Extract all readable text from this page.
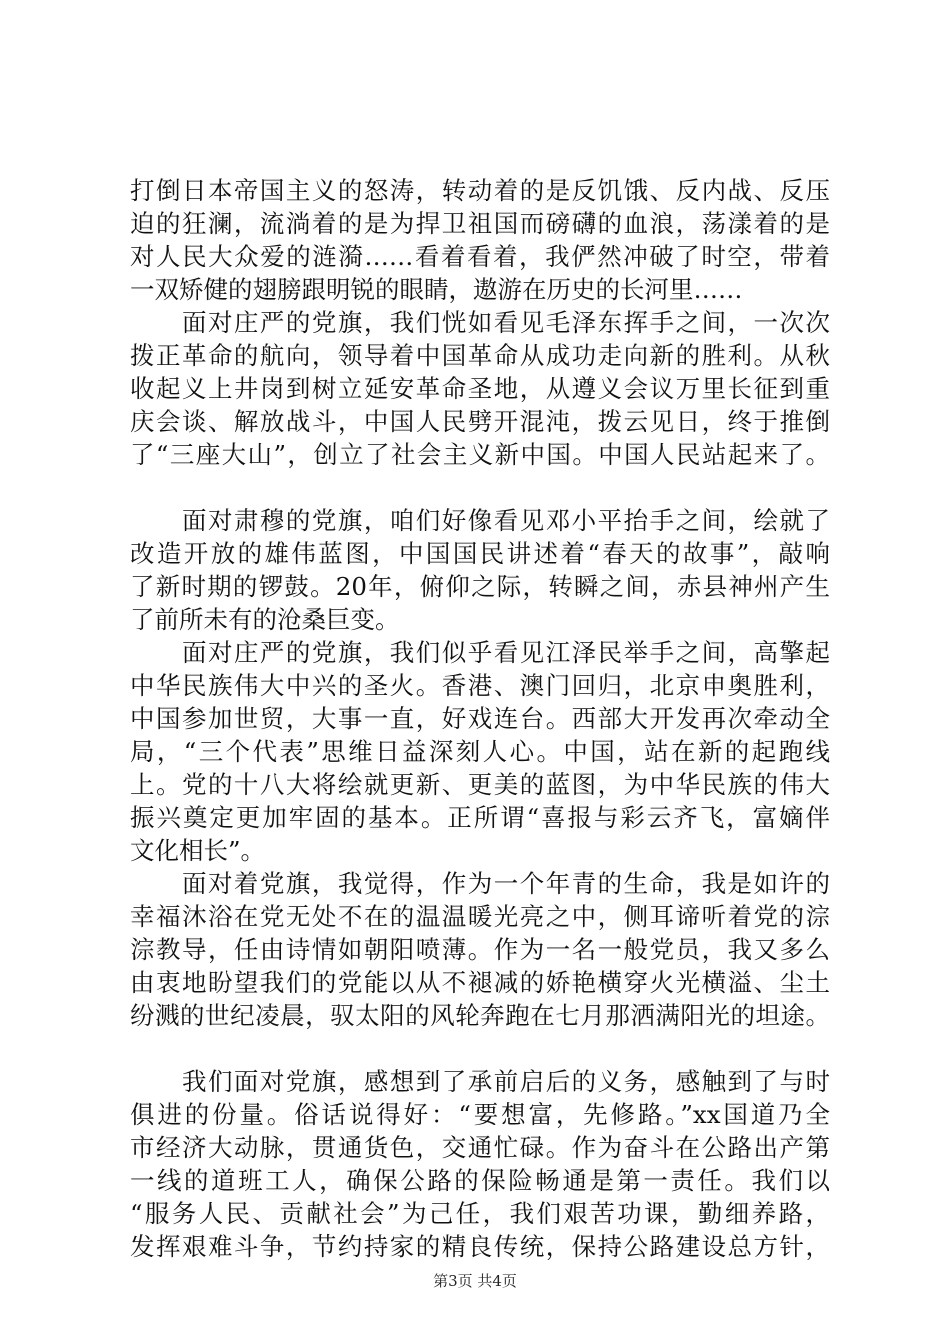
打倒日本帝国主义的怒涛，转动着的是反饥饿、反内战、反压
迫的狂澜，流淌着的是为捍卫祖国而磅礴的血浪，荡漾着的是
对人民大众爱的涟漪……看着看着，我俨然冲破了时空，带着
一双矫健的翅膀跟明锐的眼睛，遨游在历史的长河里……
　　面对庄严的党旗，我们恍如看见毛泽东挥手之间，一次次
拨正革命的航向，领导着中国革命从成功走向新的胜利。从秋
收起义上井岗到树立延安革命圣地，从遵义会议万里长征到重
庆会谈、解放战斗，中国人民劈开混沌，拨云见日，终于推倒
了“三座大山”，创立了社会主义新中国。中国人民站起来了。
　　面对肃穆的党旗，咱们好像看见邓小平抬手之间，绘就了
改造开放的雄伟蓝图，中国国民讲述着“春天的故事”，敲响
了新时期的锣鼓。20年，俯仰之际，转瞬之间，赤县神州产生
了前所未有的沧桑巨变。
　　面对庄严的党旗，我们似乎看见江泽民举手之间，高擎起
中华民族伟大中兴的圣火。香港、澳门回归，北京申奥胜利，
中国参加世贸，大事一直，好戏连台。西部大开发再次牵动全
局，“三个代表”思维日益深刻人心。中国，站在新的起跑线
上。党的十八大将绘就更新、更美的蓝图，为中华民族的伟大
振兴奠定更加牢固的基本。正所谓“喜报与彩云齐飞，富嫡伴
文化相长”。
　　面对着党旗，我觉得，作为一个年青的生命，我是如许的
幸福沐浴在党无处不在的温温暖光亮之中，侧耳谛听着党的淙
淙教导，任由诗情如朝阳喷薄。作为一名一般党员，我又多么
由衷地盼望我们的党能以从不褪减的娇艳横穿火光横溢、尘土
纷溅的世纪凌晨，驭太阳的风轮奔跑在七月那洒满阳光的坦途。
　　我们面对党旗，感想到了承前启后的义务，感触到了与时
俱进的份量。俗话说得好：“要想富，先修路。”xx国道乃全
市经济大动脉，贯通货色，交通忙碌。作为奋斗在公路出产第
一线的道班工人，确保公路的保险畅通是第一责任。我们以
“服务人民、贡献社会”为己任，我们艰苦功课，勤细养路，
发挥艰难斗争，节约持家的精良传统，保持公路建设总方针，
第3页 共4页
